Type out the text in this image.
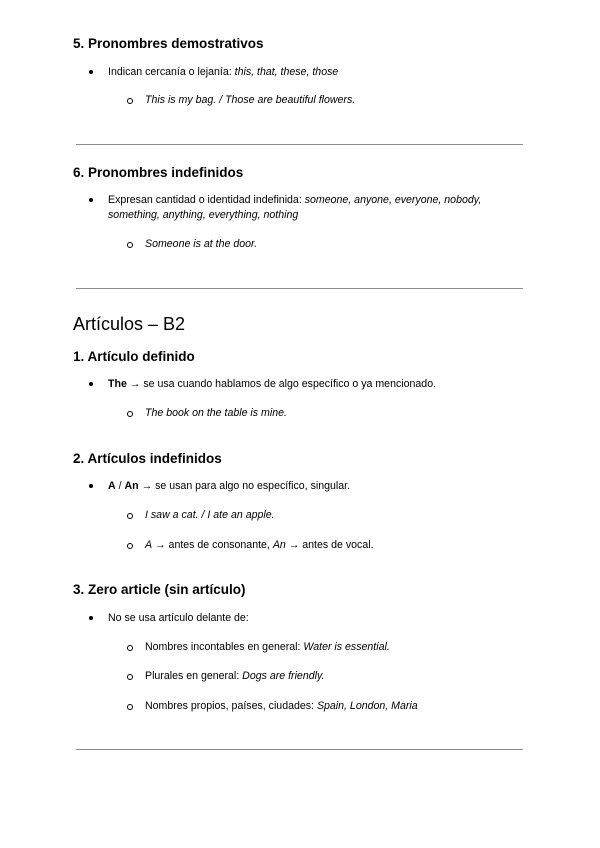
5. Pronombres demostrativos
Indican cercanía o lejanía: this, that, these, those
This is my bag. / Those are beautiful flowers.
6. Pronombres indefinidos
Expresan cantidad o identidad indefinida: someone, anyone, everyone, nobody, something, anything, everything, nothing
Someone is at the door.
Artículos – B2
1. Artículo definido
The → se usa cuando hablamos de algo específico o ya mencionado.
The book on the table is mine.
2. Artículos indefinidos
A / An → se usan para algo no específico, singular.
I saw a cat. / I ate an apple.
A → antes de consonante, An → antes de vocal.
3. Zero article (sin artículo)
No se usa artículo delante de:
Nombres incontables en general: Water is essential.
Plurales en general: Dogs are friendly.
Nombres propios, países, ciudades: Spain, London, Maria
